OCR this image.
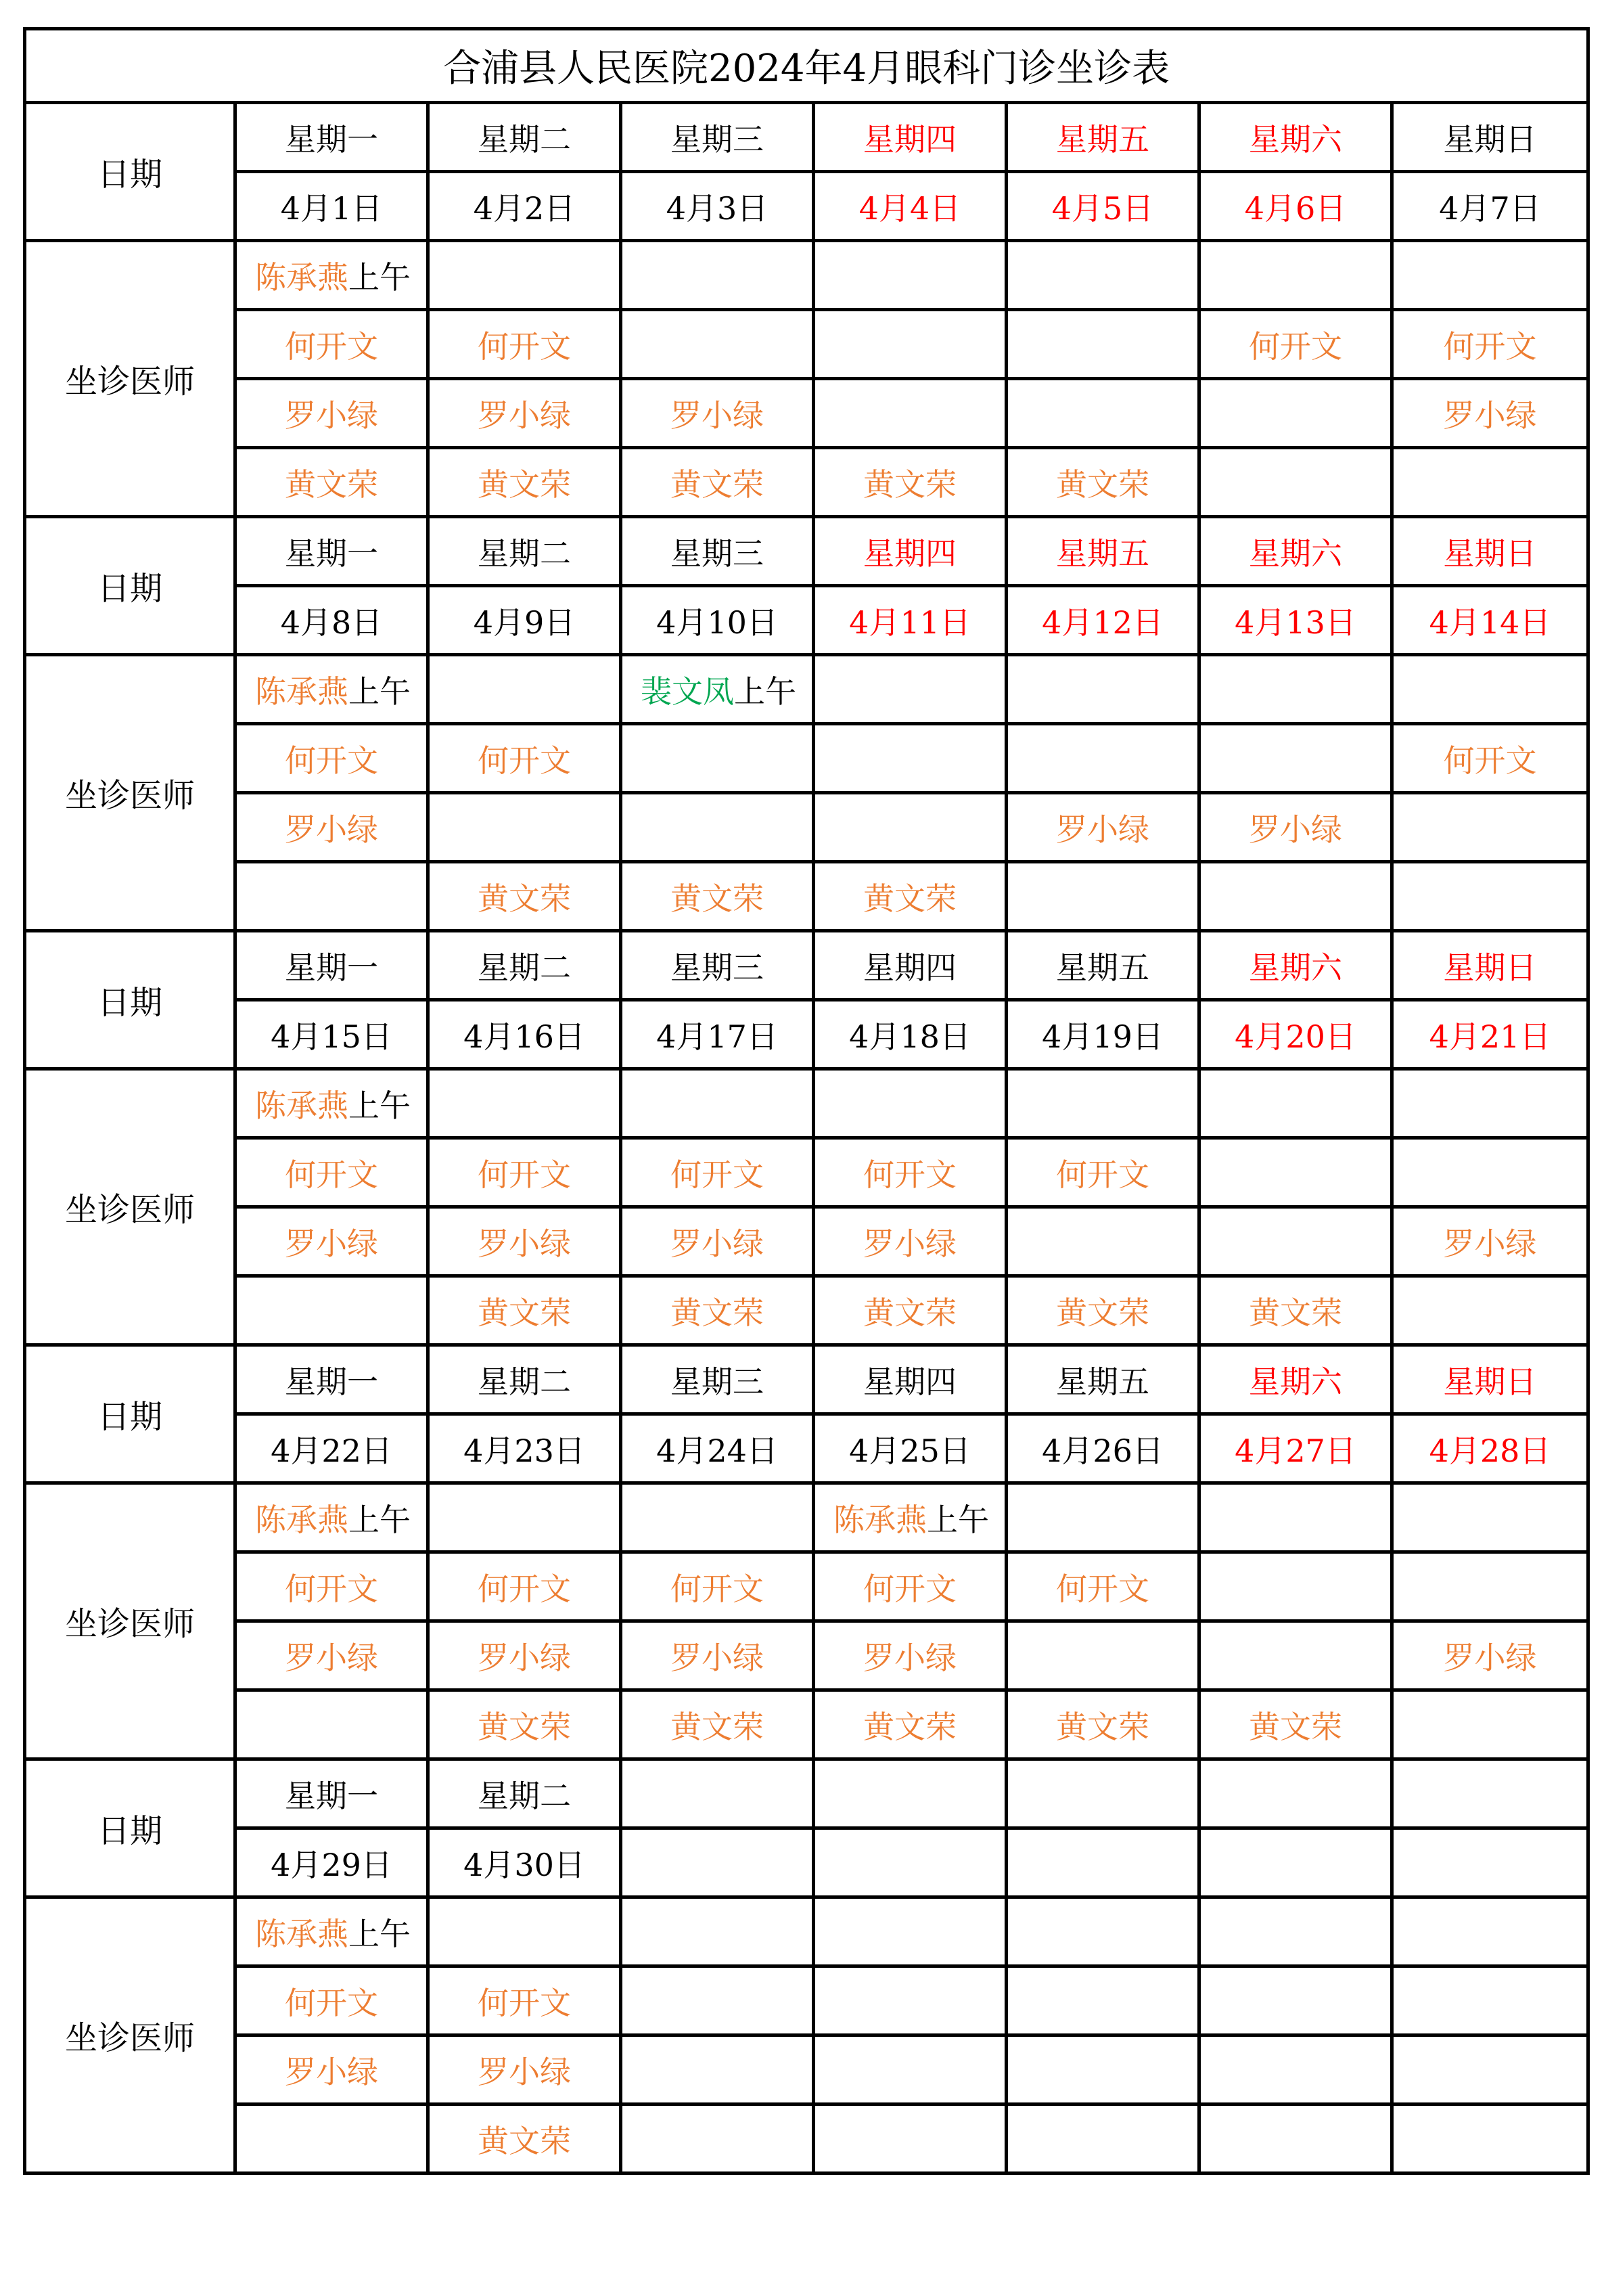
合浦县人民医院2024年4月眼科门诊坐诊表							
日期	星期一	星期二	星期三	星期四	星期五	星期六	星期日
	4月1日	4月2日	4月3日	4月4日	4月5日	4月6日	4月7日
坐诊医师	陈承燕上午						
	何开文	何开文				何开文	何开文
	罗小绿	罗小绿	罗小绿				罗小绿
	黄文荣	黄文荣	黄文荣	黄文荣	黄文荣		
日期	星期一	星期二	星期三	星期四	星期五	星期六	星期日
	4月8日	4月9日	4月10日	4月11日	4月12日	4月13日	4月14日
坐诊医师	陈承燕上午		裴文凤上午				
	何开文	何开文					何开文
	罗小绿				罗小绿	罗小绿	
		黄文荣	黄文荣	黄文荣			
日期	星期一	星期二	星期三	星期四	星期五	星期六	星期日
	4月15日	4月16日	4月17日	4月18日	4月19日	4月20日	4月21日
坐诊医师	陈承燕上午						
	何开文	何开文	何开文	何开文	何开文		
	罗小绿	罗小绿	罗小绿	罗小绿			罗小绿
		黄文荣	黄文荣	黄文荣	黄文荣	黄文荣	
日期	星期一	星期二	星期三	星期四	星期五	星期六	星期日
	4月22日	4月23日	4月24日	4月25日	4月26日	4月27日	4月28日
坐诊医师	陈承燕上午			陈承燕上午			
	何开文	何开文	何开文	何开文	何开文		
	罗小绿	罗小绿	罗小绿	罗小绿			罗小绿
		黄文荣	黄文荣	黄文荣	黄文荣	黄文荣	
日期	星期一	星期二					
	4月29日	4月30日					
坐诊医师	陈承燕上午						
	何开文	何开文					
	罗小绿	罗小绿					
		黄文荣					
